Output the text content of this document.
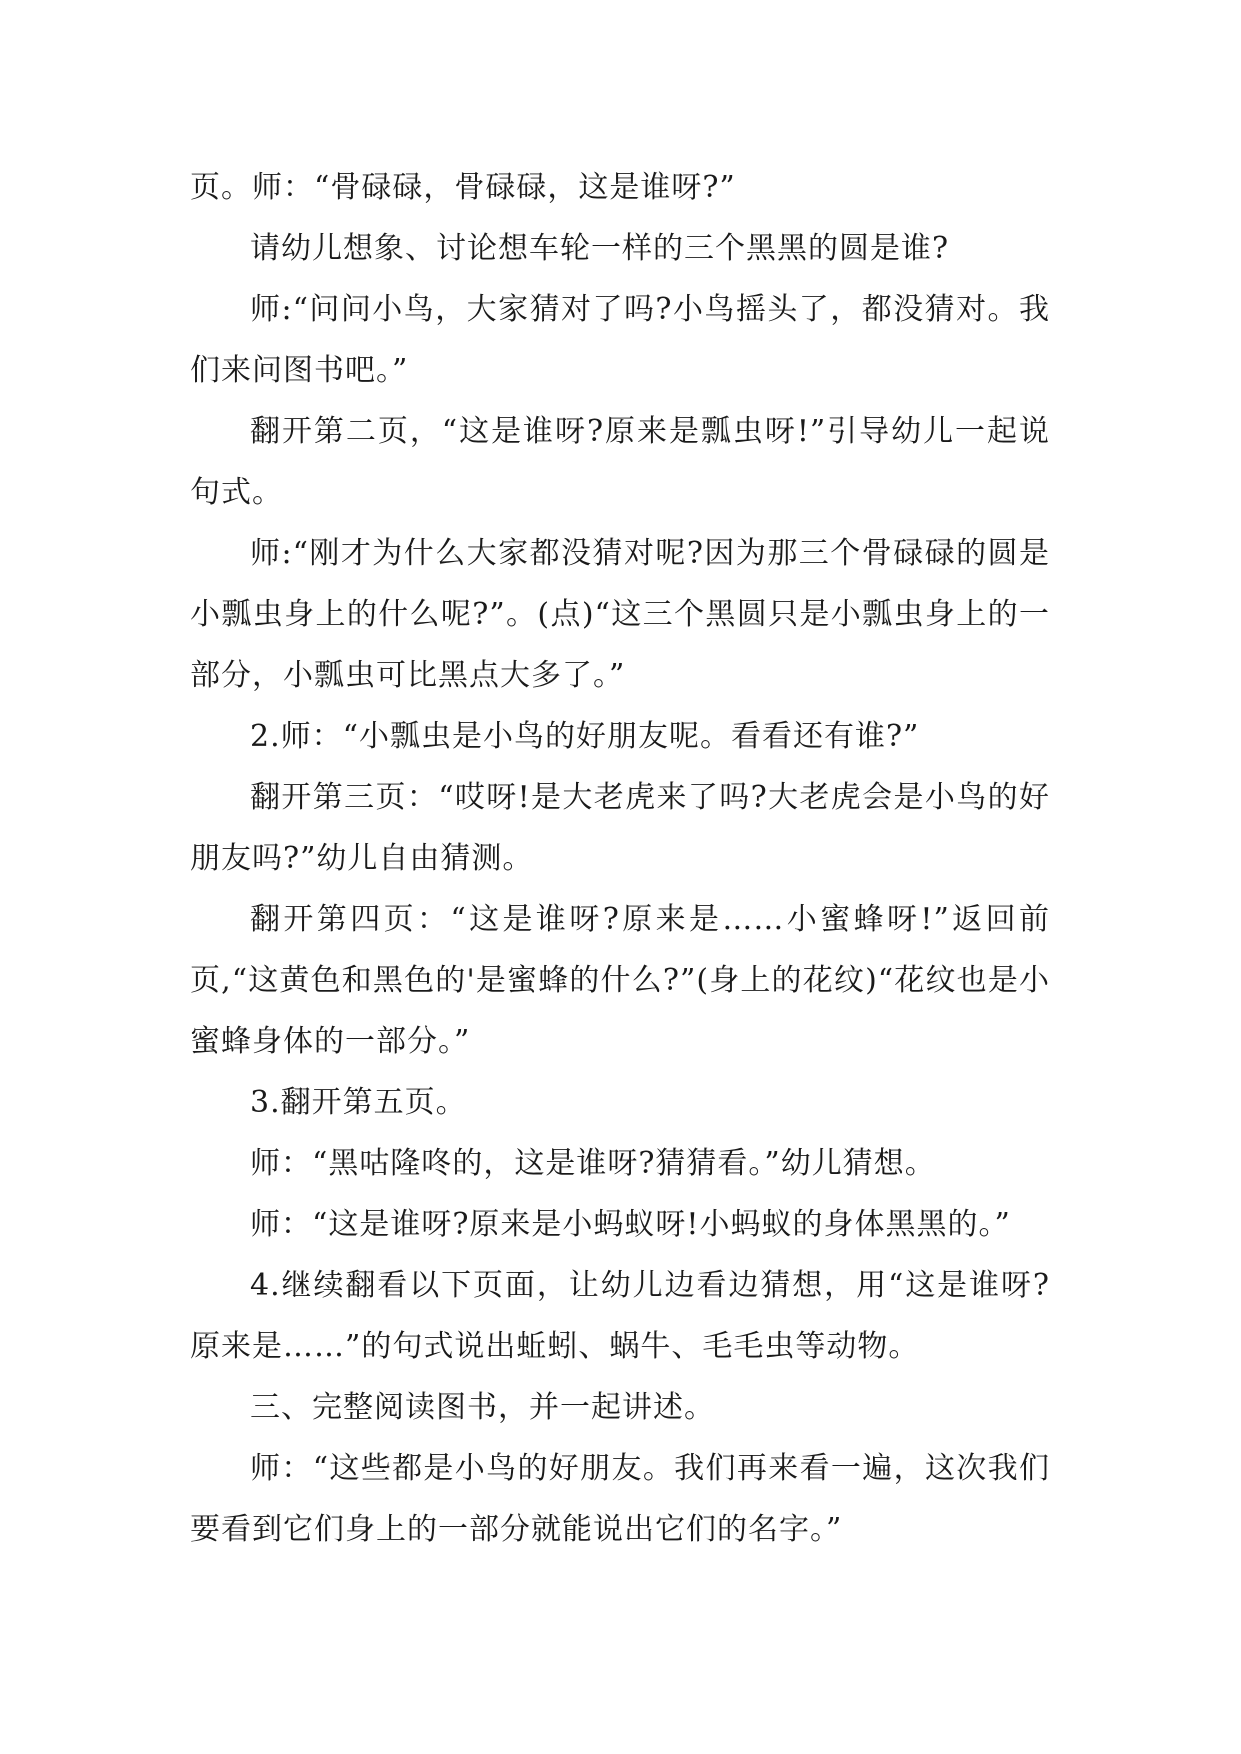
页。师：“骨碌碌，骨碌碌，这是谁呀?”

请幼儿想象、讨论想车轮一样的三个黑黑的圆是谁?

师:“问问小鸟，大家猜对了吗?小鸟摇头了，都没猜对。我们来问图书吧。”

翻开第二页，“这是谁呀?原来是瓢虫呀!”引导幼儿一起说句式。

师:“刚才为什么大家都没猜对呢?因为那三个骨碌碌的圆是小瓢虫身上的什么呢?”。(点)“这三个黑圆只是小瓢虫身上的一部分，小瓢虫可比黑点大多了。”

2.师：“小瓢虫是小鸟的好朋友呢。看看还有谁?”

翻开第三页：“哎呀!是大老虎来了吗?大老虎会是小鸟的好朋友吗?”幼儿自由猜测。

翻开第四页：“这是谁呀?原来是……小蜜蜂呀!”返回前页,“这黄色和黑色的'是蜜蜂的什么?”(身上的花纹)“花纹也是小蜜蜂身体的一部分。”

3.翻开第五页。

师：“黑咕隆咚的，这是谁呀?猜猜看。”幼儿猜想。

师：“这是谁呀?原来是小蚂蚁呀!小蚂蚁的身体黑黑的。”

4.继续翻看以下页面，让幼儿边看边猜想，用“这是谁呀?原来是……”的句式说出蚯蚓、蜗牛、毛毛虫等动物。

三、完整阅读图书，并一起讲述。

师：“这些都是小鸟的好朋友。我们再来看一遍，这次我们要看到它们身上的一部分就能说出它们的名字。”
